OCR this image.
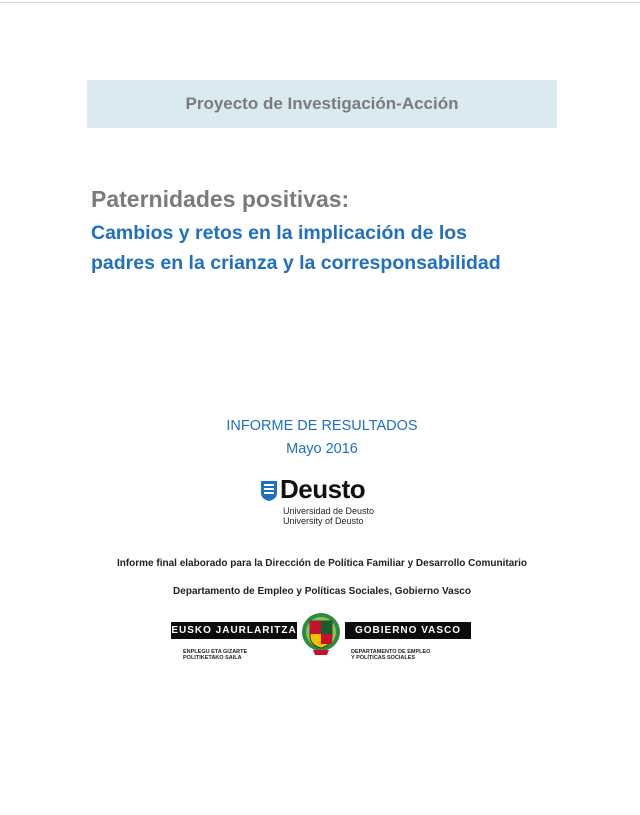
Proyecto de Investigación-Acción
Paternidades positivas:
Cambios y retos en la implicación de los
padres en la crianza y la corresponsabilidad
INFORME DE RESULTADOS
Mayo 2016
Deusto
Universidad de Deusto
University of Deusto
Informe final elaborado para la Dirección de Política Familiar y Desarrollo Comunitario
Departamento de Empleo y Políticas Sociales, Gobierno Vasco
EUSKO JAURLARITZA	GOBIERNO VASCO
ENPLEGU ETA GIZARTE
POLITIKETAKO SAILA
DEPARTAMENTO DE EMPLEO
Y POLÍTICAS SOCIALES
